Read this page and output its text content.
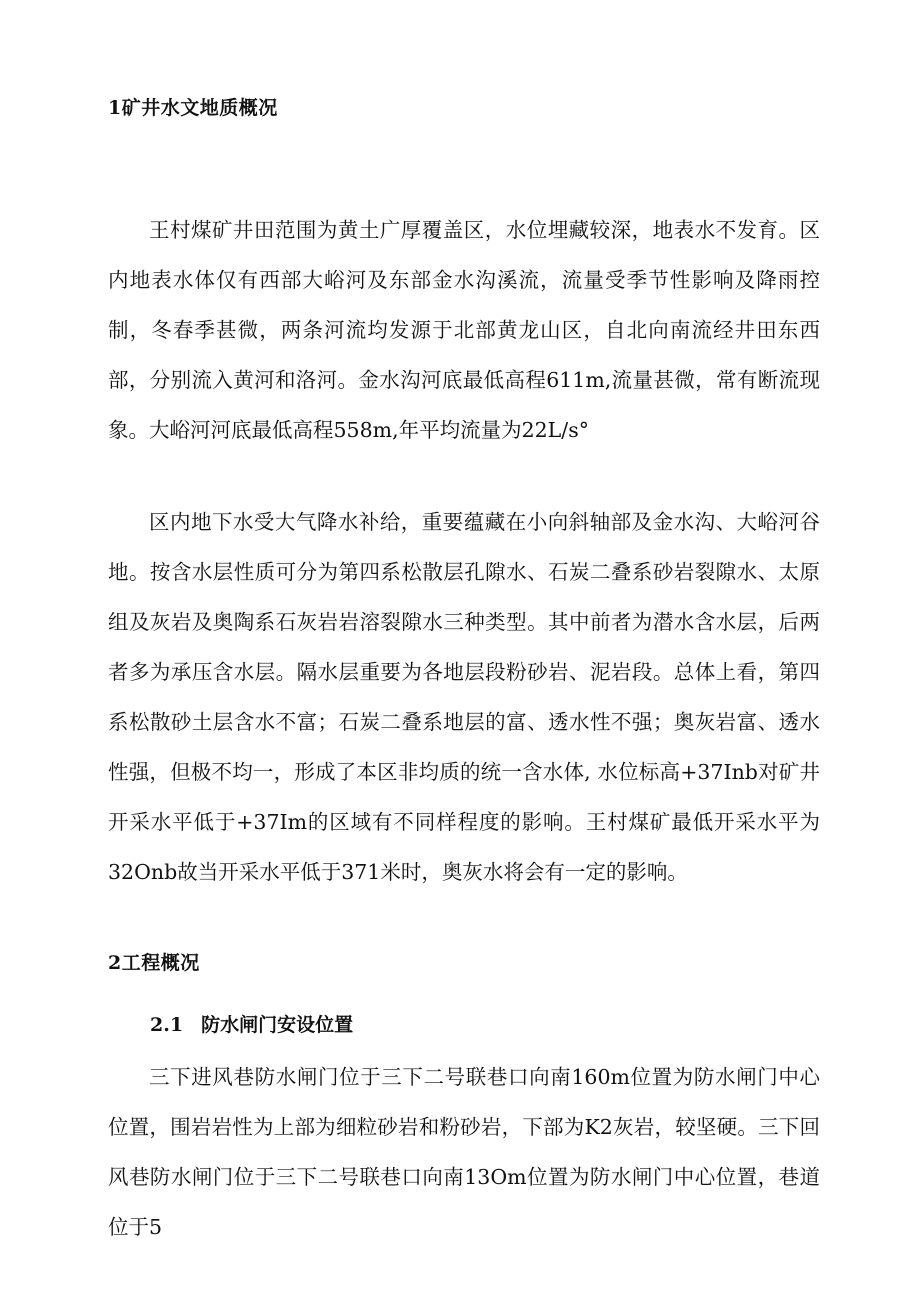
1矿井水文地质概况

王村煤矿井田范围为黄土广厚覆盖区，水位埋藏较深，地表水不发育。区内地表水体仅有西部大峪河及东部金水沟溪流，流量受季节性影响及降雨控制，冬春季甚微，两条河流均发源于北部黄龙山区，自北向南流经井田东西部，分别流入黄河和洛河。金水沟河底最低高程611m,流量甚微，常有断流现象。大峪河河底最低高程558m,年平均流量为22L/s°

区内地下水受大气降水补给，重要蕴藏在小向斜轴部及金水沟、大峪河谷地。按含水层性质可分为第四系松散层孔隙水、石炭二叠系砂岩裂隙水、太原组及灰岩及奥陶系石灰岩岩溶裂隙水三种类型。其中前者为潜水含水层，后两者多为承压含水层。隔水层重要为各地层段粉砂岩、泥岩段。总体上看，第四系松散砂土层含水不富；石炭二叠系地层的富、透水性不强；奥灰岩富、透水性强，但极不均一，形成了本区非均质的统一含水体, 水位标高+37Inb对矿井开采水平低于+37Im的区域有不同样程度的影响。王村煤矿最低开采水平为32Onb故当开采水平低于371米时，奥灰水将会有一定的影响。

2工程概况
2.1 防水闸门安设位置

三下进风巷防水闸门位于三下二号联巷口向南160m位置为防水闸门中心位置，围岩岩性为上部为细粒砂岩和粉砂岩，下部为K2灰岩，较坚硬。三下回风巷防水闸门位于三下二号联巷口向南13Om位置为防水闸门中心位置，巷道位于5
